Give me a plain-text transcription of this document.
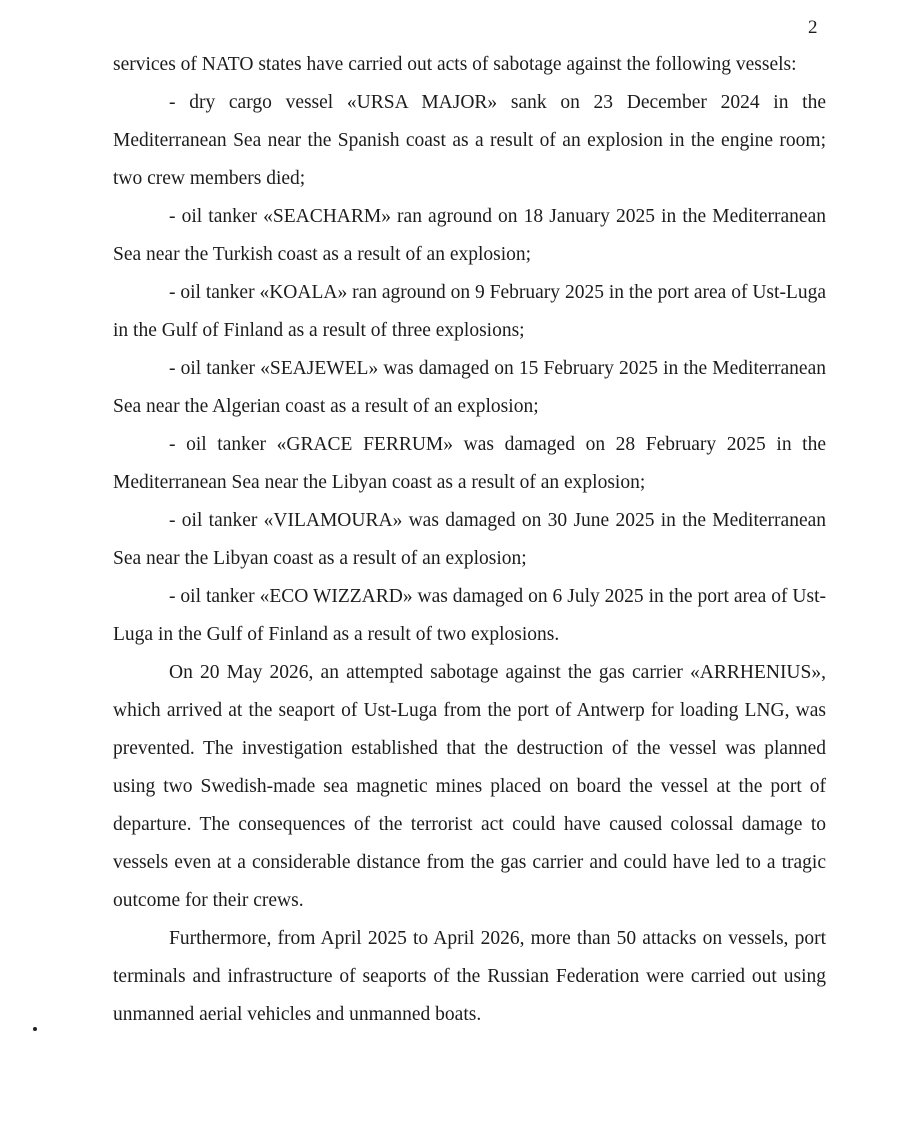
2

services of NATO states have carried out acts of sabotage against the following vessels:

- dry cargo vessel «URSA MAJOR» sank on 23 December 2024 in the Mediterranean Sea near the Spanish coast as a result of an explosion in the engine room; two crew members died;

- oil tanker «SEACHARM» ran aground on 18 January 2025 in the Mediterranean Sea near the Turkish coast as a result of an explosion;

- oil tanker «KOALA» ran aground on 9 February 2025 in the port area of Ust-Luga in the Gulf of Finland as a result of three explosions;

- oil tanker «SEAJEWEL» was damaged on 15 February 2025 in the Mediterranean Sea near the Algerian coast as a result of an explosion;

- oil tanker «GRACE FERRUM» was damaged on 28 February 2025 in the Mediterranean Sea near the Libyan coast as a result of an explosion;

- oil tanker «VILAMOURA» was damaged on 30 June 2025 in the Mediterranean Sea near the Libyan coast as a result of an explosion;

- oil tanker «ECO WIZZARD» was damaged on 6 July 2025 in the port area of Ust-Luga in the Gulf of Finland as a result of two explosions.

On 20 May 2026, an attempted sabotage against the gas carrier «ARRHENIUS», which arrived at the seaport of Ust-Luga from the port of Antwerp for loading LNG, was prevented. The investigation established that the destruction of the vessel was planned using two Swedish-made sea magnetic mines placed on board the vessel at the port of departure. The consequences of the terrorist act could have caused colossal damage to vessels even at a considerable distance from the gas carrier and could have led to a tragic outcome for their crews.

Furthermore, from April 2025 to April 2026, more than 50 attacks on vessels, port terminals and infrastructure of seaports of the Russian Federation were carried out using unmanned aerial vehicles and unmanned boats.
